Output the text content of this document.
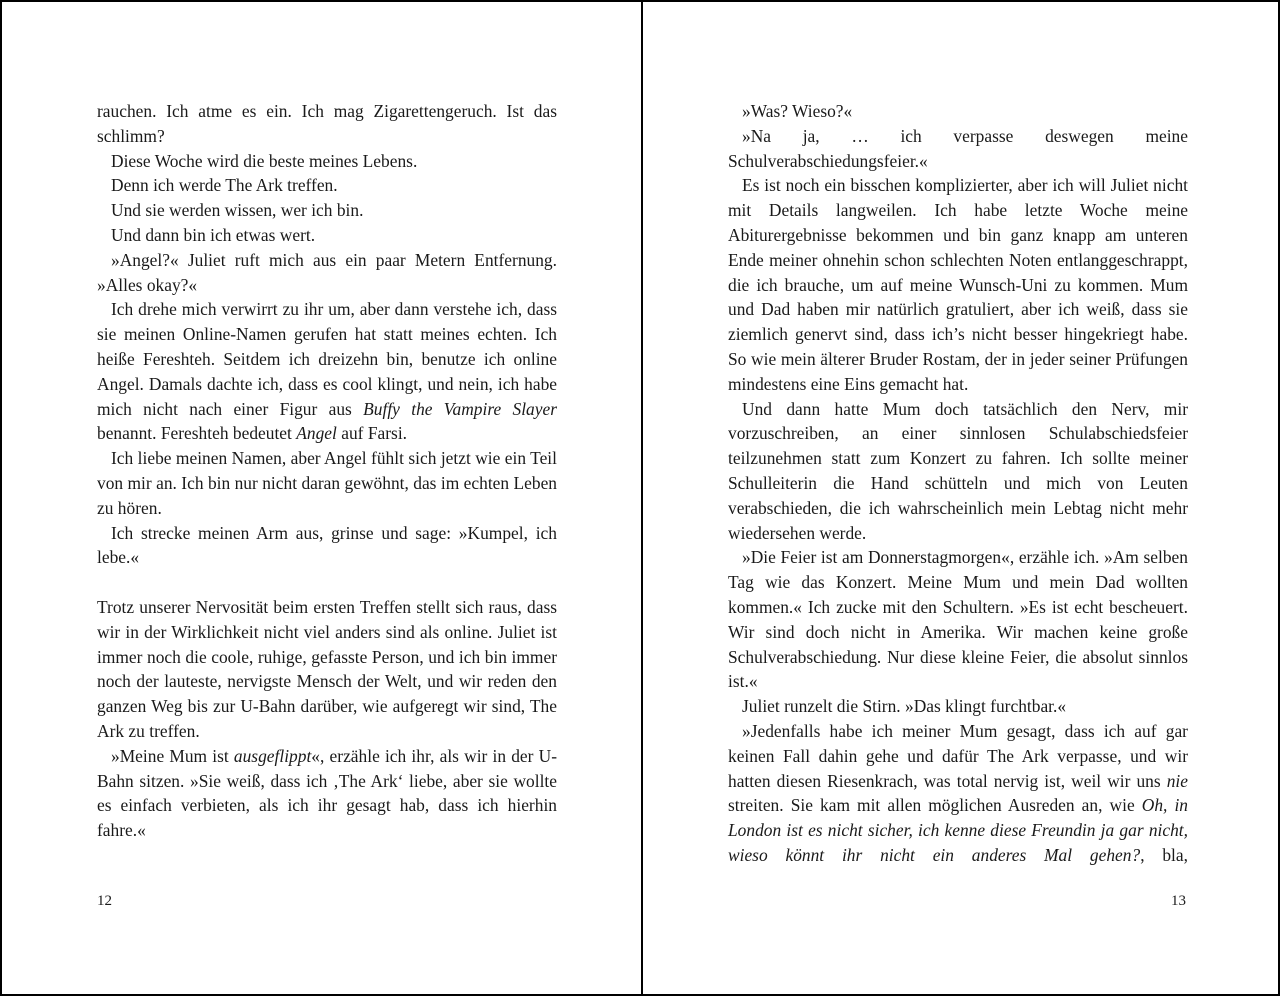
rauchen. Ich atme es ein. Ich mag Zigarettengeruch. Ist das schlimm?

Diese Woche wird die beste meines Lebens.

Denn ich werde The Ark treffen.

Und sie werden wissen, wer ich bin.

Und dann bin ich etwas wert.

»Angel?« Juliet ruft mich aus ein paar Metern Entfernung. »Alles okay?«

Ich drehe mich verwirrt zu ihr um, aber dann verstehe ich, dass sie meinen Online-Namen gerufen hat statt meines echten. Ich heiße Fereshteh. Seitdem ich dreizehn bin, benutze ich online Angel. Damals dachte ich, dass es cool klingt, und nein, ich habe mich nicht nach einer Figur aus Buffy the Vampire Slayer benannt. Fereshteh bedeutet Angel auf Farsi.

Ich liebe meinen Namen, aber Angel fühlt sich jetzt wie ein Teil von mir an. Ich bin nur nicht daran gewöhnt, das im echten Leben zu hören.

Ich strecke meinen Arm aus, grinse und sage: »Kumpel, ich lebe.«

Trotz unserer Nervosität beim ersten Treffen stellt sich raus, dass wir in der Wirklichkeit nicht viel anders sind als online. Juliet ist immer noch die coole, ruhige, gefasste Person, und ich bin immer noch der lauteste, nervigste Mensch der Welt, und wir reden den ganzen Weg bis zur U-Bahn darüber, wie aufgeregt wir sind, The Ark zu treffen.

»Meine Mum ist ausgeflippt«, erzähle ich ihr, als wir in der U-Bahn sitzen. »Sie weiß, dass ich ‚The Ark‘ liebe, aber sie wollte es einfach verbieten, als ich ihr gesagt hab, dass ich hierhin fahre.«

12

»Was? Wieso?«

»Na ja, … ich verpasse deswegen meine Schulverabschiedungsfeier.«

Es ist noch ein bisschen komplizierter, aber ich will Juliet nicht mit Details langweilen. Ich habe letzte Woche meine Abiturergebnisse bekommen und bin ganz knapp am unteren Ende meiner ohnehin schon schlechten Noten entlanggeschrappt, die ich brauche, um auf meine Wunsch-Uni zu kommen. Mum und Dad haben mir natürlich gratuliert, aber ich weiß, dass sie ziemlich genervt sind, dass ich’s nicht besser hingekriegt habe. So wie mein älterer Bruder Rostam, der in jeder seiner Prüfungen mindestens eine Eins gemacht hat.

Und dann hatte Mum doch tatsächlich den Nerv, mir vorzuschreiben, an einer sinnlosen Schulabschiedsfeier teilzunehmen statt zum Konzert zu fahren. Ich sollte meiner Schulleiterin die Hand schütteln und mich von Leuten verabschieden, die ich wahrscheinlich mein Lebtag nicht mehr wiedersehen werde.

»Die Feier ist am Donnerstagmorgen«, erzähle ich. »Am selben Tag wie das Konzert. Meine Mum und mein Dad wollten kommen.« Ich zucke mit den Schultern. »Es ist echt bescheuert. Wir sind doch nicht in Amerika. Wir machen keine große Schulverabschiedung. Nur diese kleine Feier, die absolut sinnlos ist.«

Juliet runzelt die Stirn. »Das klingt furchtbar.«

»Jedenfalls habe ich meiner Mum gesagt, dass ich auf gar keinen Fall dahin gehe und dafür The Ark verpasse, und wir hatten diesen Riesenkrach, was total nervig ist, weil wir uns nie streiten. Sie kam mit allen möglichen Ausreden an, wie Oh, in London ist es nicht sicher, ich kenne diese Freundin ja gar nicht, wieso könnt ihr nicht ein anderes Mal gehen?, bla,

13
